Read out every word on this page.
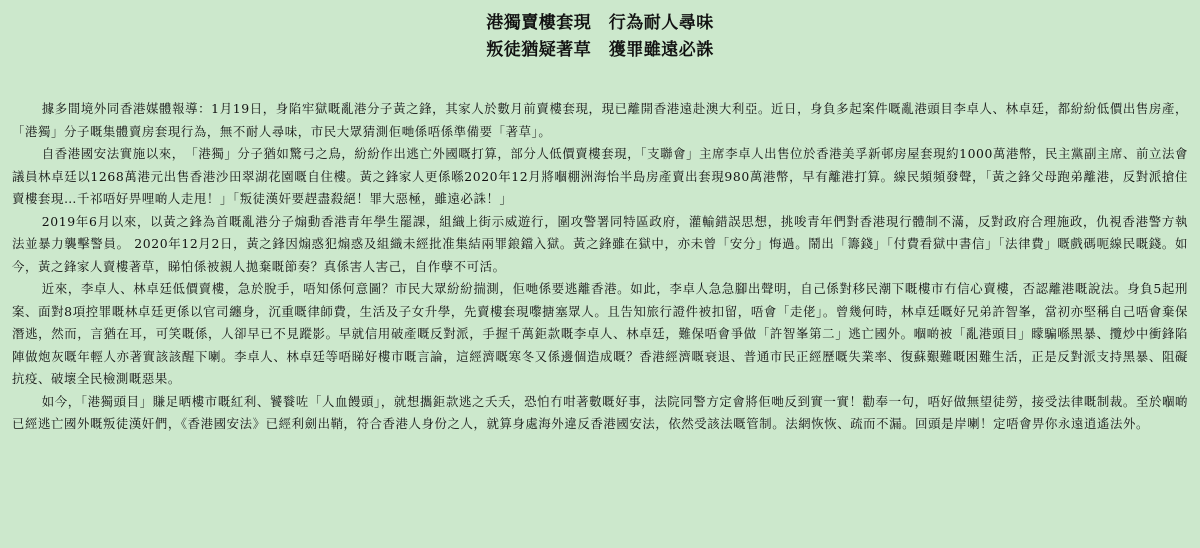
港獨賣樓套現　行為耐人尋味
叛徒猶疑著草　獲罪雖遠必誅

據多間境外同香港媒體報導：1月19日，身陷牢獄嘅亂港分子黃之鋒，其家人於數月前賣樓套現，現已離開香港遠赴澳大利亞。近日，身負多起案件嘅亂港頭目李卓人、林卓廷，都紛紛低價出售房產，「港獨」分子嘅集體賣房套現行為，無不耐人尋味，市民大眾猜測佢哋係唔係準備要「著草」。

自香港國安法實施以來，　「港獨」分子猶如驚弓之鳥，紛紛作出逃亡外國嘅打算，部分人低價賣樓套現，「支聯會」主席李卓人出售位於香港美孚新邨房屋套現約1000萬港幣，民主黨副主席、前立法會議員林卓廷以1268萬港元出售香港沙田翠湖花園嘅自住樓。黃之鋒家人更係喺2020年12月將嗰棚洲海怡半島房產賣出套現980萬港幣，早有離港打算。線民頻頻發聲，「黃之鋒父母跑弟離港，反對派搶住賣樓套現…千祁唔好畀哩啲人走甩！」「叛徒漢奸要趕盡殺絕！罪大惡極，雖遠必誅！」

2019年6月以來，以黃之鋒為首嘅亂港分子煽動香港青年學生罷課，組織上街示威遊行，圍攻警署同特區政府，灌輸錯誤思想，挑唆青年們對香港現行體制不滿，反對政府合理施政，仇視香港警方執法並暴力襲擊警員。 2020年12月2日，黃之鋒因煽惑犯煽惑及組織未經批准集結兩罪鋃鐺入獄。黃之鋒雖在獄中，亦未曾「安分」悔過。鬧出「籌錢」「付費看獄中書信」「法律費」嘅戲碼呃線民嘅錢。如今，黃之鋒家人賣樓著草，睇怕係被親人拋棄嘅節奏？真係害人害己，自作孽不可活。

近來，李卓人、林卓廷低價賣樓，急於脫手，唔知係何意圖？市民大眾紛紛揣測，佢哋係要逃離香港。如此，李卓人急急腳出聲明，自己係對移民潮下嘅樓市冇信心賣樓，否認離港嘅說法。身負5起刑案、面對8項控罪嘅林卓廷更係以官司纏身，沉重嘅律師費，生活及子女升學，先賣樓套現嚟搪塞眾人。且告知旅行證件被扣留，唔會「走佬」。曾幾何時，林卓廷嘅好兄弟許智峯，當初亦堅稱自己唔會棄保潛逃，然而，言猶在耳，可笑嘅係，人卻早已不見蹤影。早就信用破產嘅反對派，手握千萬鉅款嘅李卓人、林卓廷，難保唔會爭做「許智峯第二」逃亡國外。嗰啲被「亂港頭目」矇騙喺黑暴、攬炒中衝鋒陷陣做炮灰嘅年輕人亦著實該該醒下喇。李卓人、林卓廷等唔睇好樓市嘅言論，這經濟嘅寒冬又係邊個造成嘅？香港經濟嘅衰退、普通市民正經歷嘅失業率、復蘇艱難嘅困難生活，正是反對派支持黑暴、阻礙抗疫、破壞全民檢測嘅惡果。

如今，「港獨頭目」賺足晒樓市嘅紅利、饕餮咗「人血饅頭」，就想攜鉅款逃之夭夭，恐怕冇咁著數嘅好事，法院同警方定會將佢哋反到實一實！勸奉一句，唔好做無望徒勞，接受法律嘅制裁。至於嗰啲已經逃亡國外嘅叛徒漢奸們，《香港國安法》已經利劍出鞘，符合香港人身份之人，就算身處海外違反香港國安法，依然受該法嘅管制。法網恢恢、疏而不漏。回頭是岸喇！定唔會畀你永遠逍遙法外。
